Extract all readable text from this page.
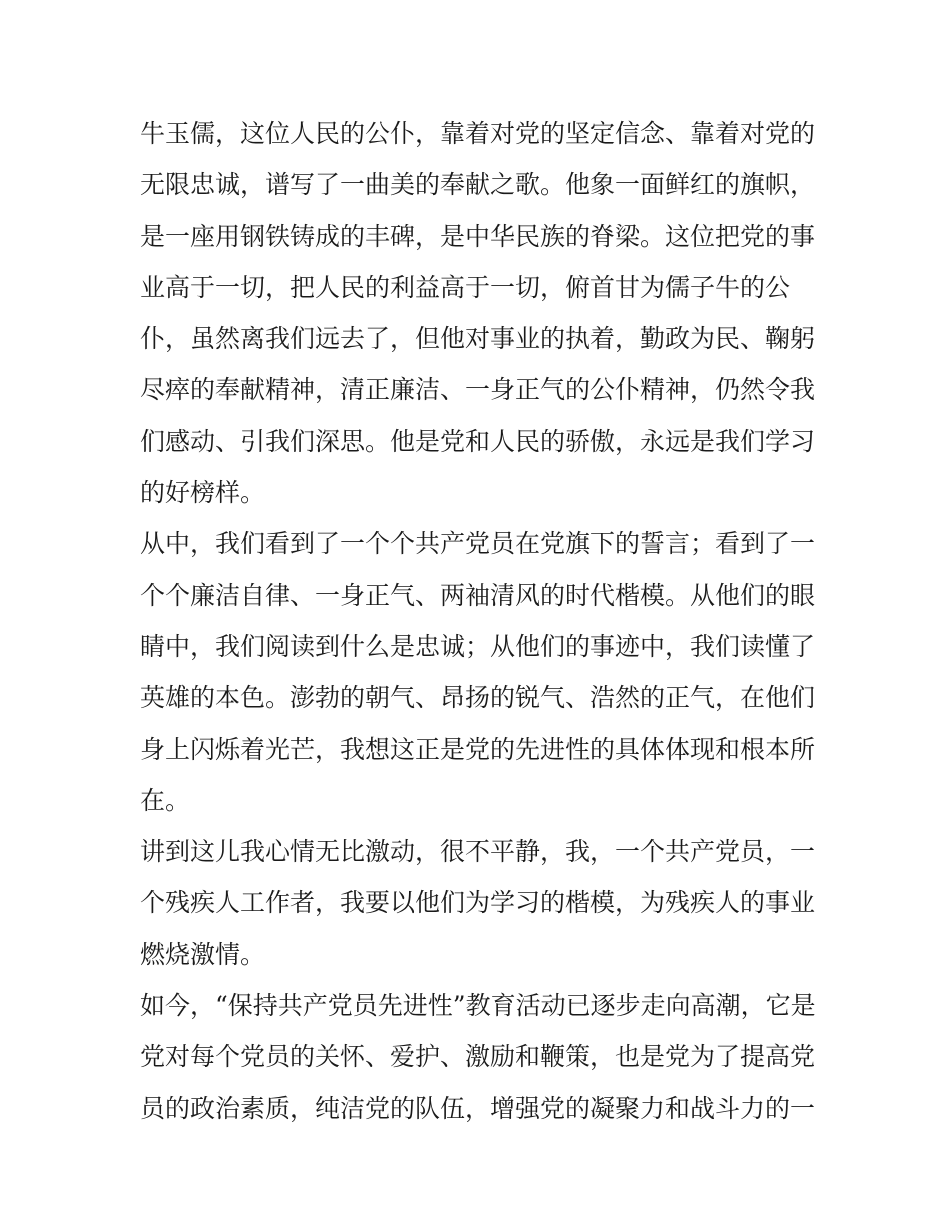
牛玉儒，这位人民的公仆，靠着对党的坚定信念、靠着对党的
无限忠诚，谱写了一曲美的奉献之歌。他象一面鲜红的旗帜，
是一座用钢铁铸成的丰碑，是中华民族的脊梁。这位把党的事
业高于一切，把人民的利益高于一切，俯首甘为儒子牛的公
仆，虽然离我们远去了，但他对事业的执着，勤政为民、鞠躬
尽瘁的奉献精神，清正廉洁、一身正气的公仆精神，仍然令我
们感动、引我们深思。他是党和人民的骄傲，永远是我们学习
的好榜样。
从中，我们看到了一个个共产党员在党旗下的誓言；看到了一
个个廉洁自律、一身正气、两袖清风的时代楷模。从他们的眼
睛中，我们阅读到什么是忠诚；从他们的事迹中，我们读懂了
英雄的本色。澎勃的朝气、昂扬的锐气、浩然的正气，在他们
身上闪烁着光芒，我想这正是党的先进性的具体体现和根本所
在。
讲到这儿我心情无比激动，很不平静，我，一个共产党员，一
个残疾人工作者，我要以他们为学习的楷模，为残疾人的事业
燃烧激情。
如今，“保持共产党员先进性”教育活动已逐步走向高潮，它是
党对每个党员的关怀、爱护、激励和鞭策，也是党为了提高党
员的政治素质，纯洁党的队伍，增强党的凝聚力和战斗力的一
